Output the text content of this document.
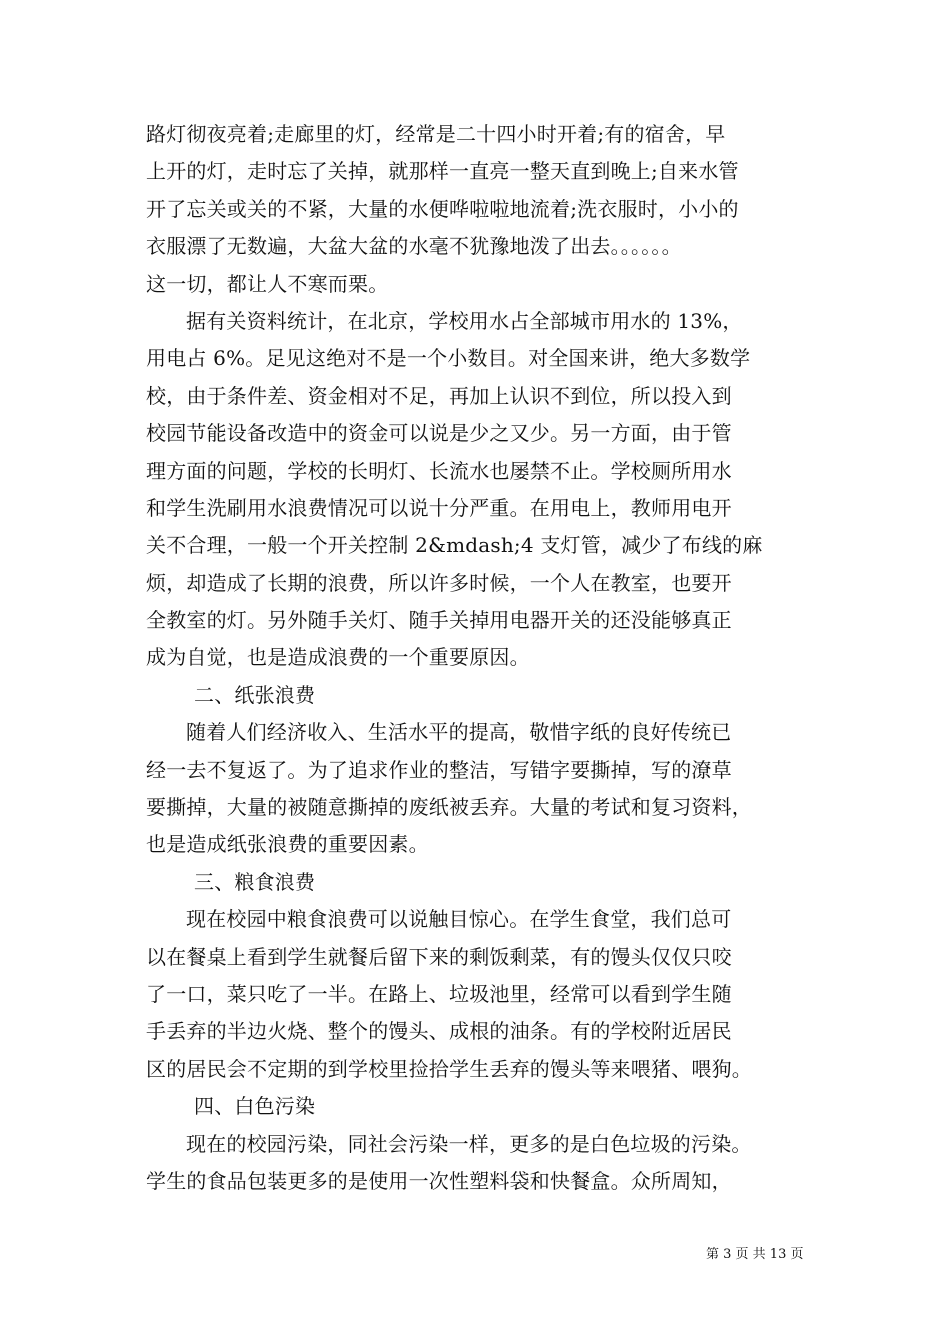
路灯彻夜亮着;走廊里的灯，经常是二十四小时开着;有的宿舍，早
上开的灯，走时忘了关掉，就那样一直亮一整天直到晚上;自来水管
开了忘关或关的不紧，大量的水便哗啦啦地流着;洗衣服时，小小的
衣服漂了无数遍，大盆大盆的水毫不犹豫地泼了出去。。。。。。
这一切，都让人不寒而栗。
据有关资料统计，在北京，学校用水占全部城市用水的 13%，
用电占 6%。足见这绝对不是一个小数目。对全国来讲，绝大多数学
校，由于条件差、资金相对不足，再加上认识不到位，所以投入到
校园节能设备改造中的资金可以说是少之又少。另一方面，由于管
理方面的问题，学校的长明灯、长流水也屡禁不止。学校厕所用水
和学生洗刷用水浪费情况可以说十分严重。在用电上，教师用电开
关不合理，一般一个开关控制 2&mdash;4 支灯管，减少了布线的麻
烦，却造成了长期的浪费，所以许多时候，一个人在教室，也要开
全教室的灯。另外随手关灯、随手关掉用电器开关的还没能够真正
成为自觉，也是造成浪费的一个重要原因。
二、纸张浪费
随着人们经济收入、生活水平的提高，敬惜字纸的良好传统已
经一去不复返了。为了追求作业的整洁，写错字要撕掉，写的潦草
要撕掉，大量的被随意撕掉的废纸被丢弃。大量的考试和复习资料，
也是造成纸张浪费的重要因素。
三、粮食浪费
现在校园中粮食浪费可以说触目惊心。在学生食堂，我们总可
以在餐桌上看到学生就餐后留下来的剩饭剩菜，有的馒头仅仅只咬
了一口，菜只吃了一半。在路上、垃圾池里，经常可以看到学生随
手丢弃的半边火烧、整个的馒头、成根的油条。有的学校附近居民
区的居民会不定期的到学校里捡拾学生丢弃的馒头等来喂猪、喂狗。
四、白色污染
现在的校园污染，同社会污染一样，更多的是白色垃圾的污染。
学生的食品包装更多的是使用一次性塑料袋和快餐盒。众所周知，
第 3 页 共 13 页
